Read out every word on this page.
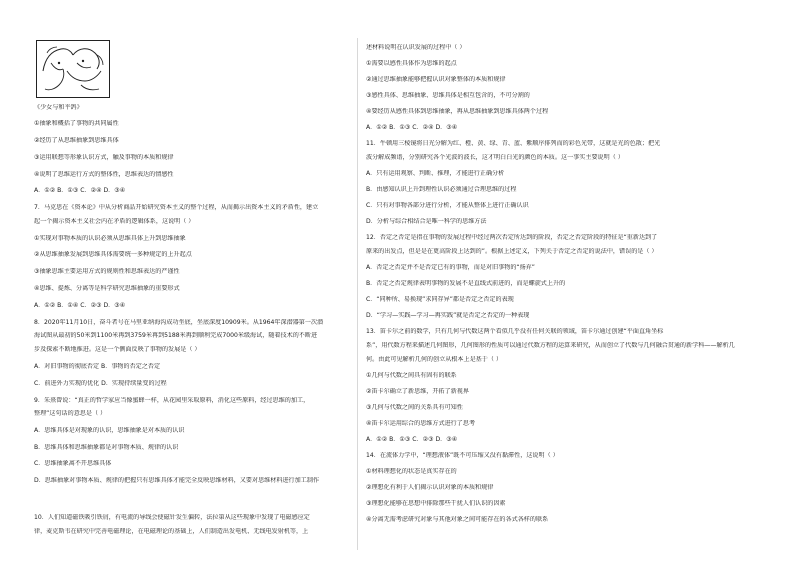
《少女与和平鸽》
①抽象和概括了事物的共同属性
②经历了从思维抽象到思维具体
③运用联想等形象认识方式，触及事物的本质和规律
④说明了思维运行方式的整体性，思维表达的情感性
A．①② B．①③ C．②④ D．③④
7．马克思在《资本论》中从分析商品开始研究资本主义的整个过程，从而揭示出资本主义的矛盾性，建立
起一个揭示资本主义社会内在矛盾的逻辑体系，这说明（ ）
①实现对事物本质的认识必须从思维具体上升到思维抽象
②从思维抽象发展到思维具体需要统一多种规定的上升起点
③抽象思维主要运用方式的规则性和思维表达的严谨性
④思维、提炼、分离等是科学研究思维抽象的重要形式
A．①② B．①④ C．②③ D．③④
8．2020年11月10日，奋斗者号在马里亚纳海沟成功坐底，坐底深度10909米。从1964年深潜器第一次潜
海试图从最初的50米到1100米再到3759米再到5188米再到顺利完成7000米级海试，随着技术的不断进
步及探索不断地推进。这是一个侧面反映了事物的发展是（ ）
A．对旧事物的彻底否定 B．事物的否定之否定
C．前进外力实现的优化 D．实现持续量变的过程
9．朱熹曾说：“真正的哲学家应当像蜜蜂一样，从花园里采取原料，消化这些原料，经过思维的加工，
整理”这句话的意思是（ ）
A．思维具体是对现象的认识，思维抽象是对本质的认识
B．思维具体和思维抽象都是对事物本质、规律的认识
C．思维抽象离不开思维具体
D．思维抽象对事物本质、规律的把握只有思维具体才能完全反映思维材料，又要对思维材料进行加工制作
10．人们知道磁铁吸引铁屑，有电流的导线会使磁针发生偏转，法拉第从这些现象中发现了电磁感应定
律，麦克斯韦在研究中完善电磁理论，在电磁理论的基础上，人们制造出发电机、无线电发射机等，上
述材料说明在认识发展的过程中（ ）
①需要以感性具体作为思维的起点
②通过思维抽象能够把握认识对象整体的本质和规律
③感性具体、思维抽象、思维具体是相互包含的，不可分割的
④要经历从感性具体到思维抽象，再从思维抽象到思维具体两个过程
A．①② B．①③ C．②④ D．③④
11．牛顿用三棱镜将日光分解为红、橙、黄、绿、青、蓝、紫顺序排列而的彩色光带，这就是光的色散；把光
波分解成频谱，分别研究各个光波的波长，这才明白白光的颜色的本质。这一事实主要说明（ ）
A．只有运用观察、判断、推理，才能进行正确分析
B．由感知认识上升到理性认识必须通过合理思维的过程
C．只有对事物各部分进行分析，才能从整体上进行正确认识
D．分析与综合相结合是唯一科学的思维方法
12．否定之否定是指在事物的发展过程中经过两次否定所达到的阶段，否定之否定阶段的特征是“重新达到了
原来的出发点，但是是在更高阶段上达到的”。根据上述定义，下列关于否定之否定的说法中，错误的是（ ）
A．否定之否定并不是否定已有的事物，而是对旧事物的“扬弃”
B．否定之否定规律表明事物的发展不是直线式前进的，而是螺旋式上升的
C．“同种所、易换现”求同存异”都是否定之否定的表现
D．“学习—实践—学习—再实践”就是否定之否定的一种表现
13．笛卡尔之前的数学，只有几何与代数这两个看似几乎没有任何关联的领域，笛卡尔通过创建“平面直角坐标
系”，用代数方程来描述几何图形，几何图形的性质可以通过代数方程的运算来研究，从而创立了代数与几何融合贯通的新学科——解析几
何。由此可见解析几何的创立从根本上是基于（ ）
①几何与代数之间具有固有的联系
②笛卡尔确立了新思维，开拓了新视界
③几何与代数之间的关系具有可知性
④笛卡尔运用综合的思维方式进行了思考
A．①② B．①③ C．②③ D．③④
14．在流体力学中，“理想液体”既不可压缩又没有黏滞性，这说明（ ）
①材料理想化的状态是真实存在的
②理想化有利于人们揭示认识对象的本质和规律
③理想化能够在思想中排除那些干扰人们认识的因素
④分离无需考虑研究对象与其他对象之间可能存在的各式各样的联系
